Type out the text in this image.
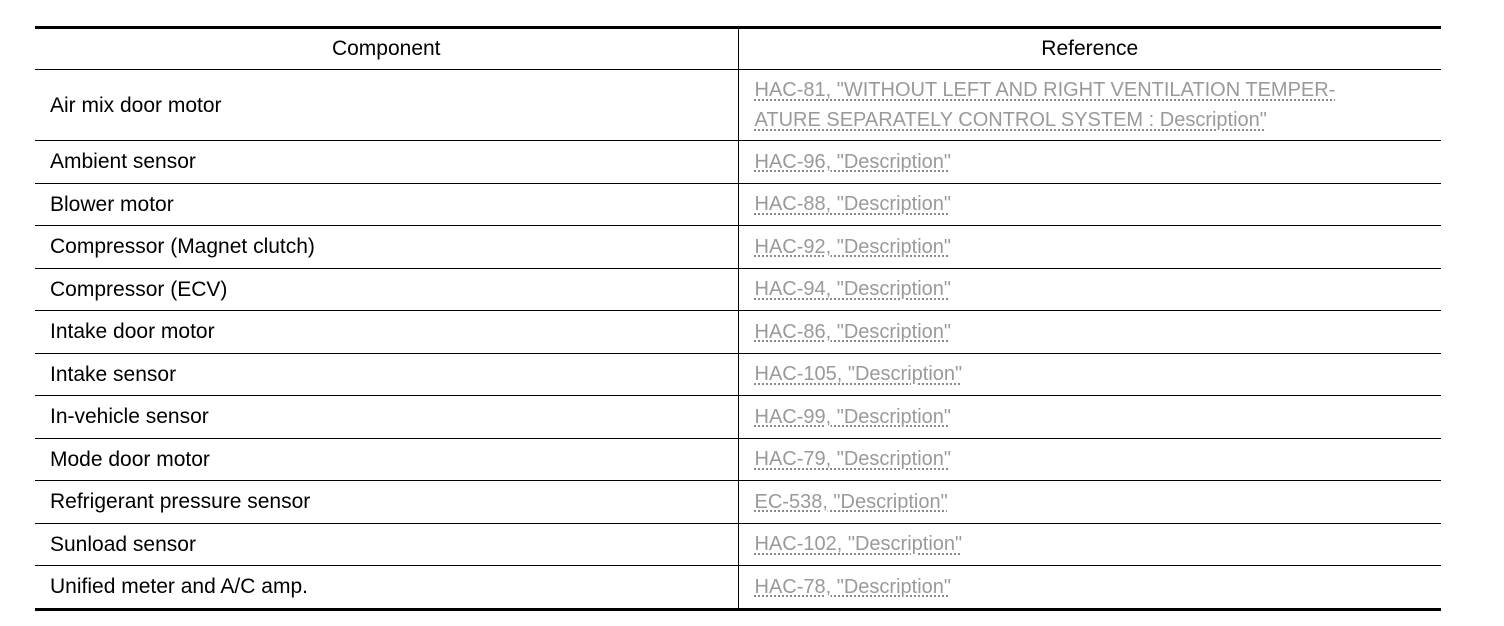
Component	Reference
Air mix door motor	HAC-81, "WITHOUT LEFT AND RIGHT VENTILATION TEMPER-
ATURE SEPARATELY CONTROL SYSTEM : Description"
Ambient sensor	HAC-96, "Description"
Blower motor	HAC-88, "Description"
Compressor (Magnet clutch)	HAC-92, "Description"
Compressor (ECV)	HAC-94, "Description"
Intake door motor	HAC-86, "Description"
Intake sensor	HAC-105, "Description"
In-vehicle sensor	HAC-99, "Description"
Mode door motor	HAC-79, "Description"
Refrigerant pressure sensor	EC-538, "Description"
Sunload sensor	HAC-102, "Description"
Unified meter and A/C amp.	HAC-78, "Description"
